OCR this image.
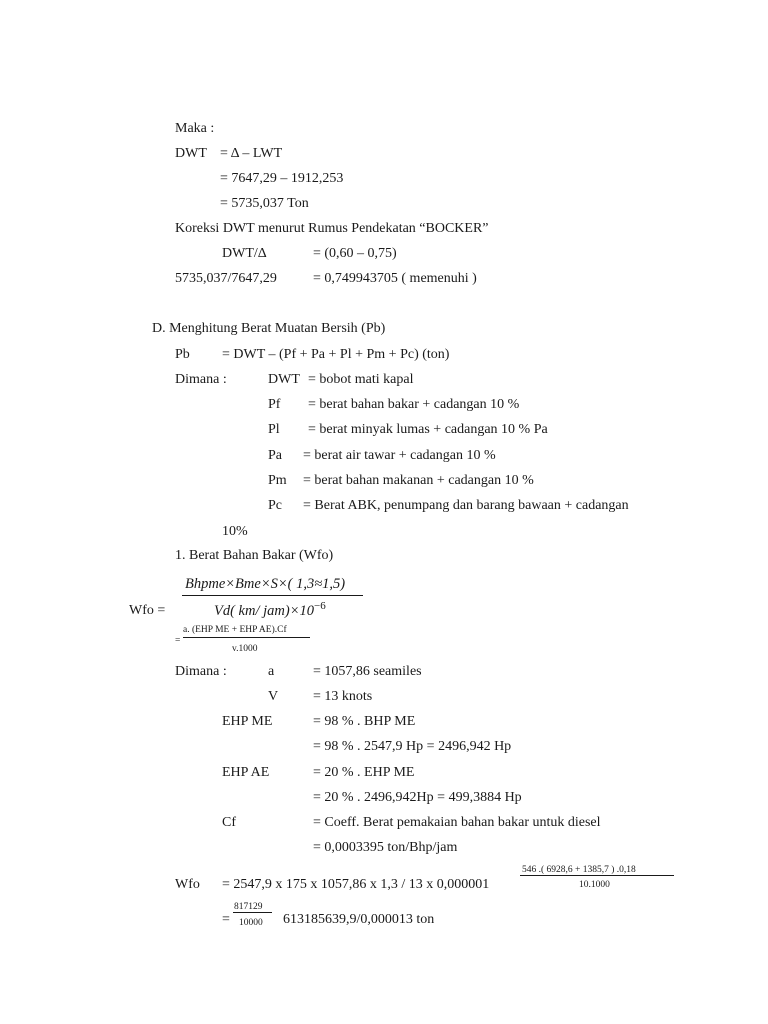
Maka :
DWT = Δ – LWT
= 7647,29 – 1912,253
= 5735,037 Ton
Koreksi DWT menurut Rumus Pendekatan “BOCKER”
DWT/Δ	= (0,60 – 0,75)
5735,037/7647,29	= 0,749943705 ( memenuhi )
D. Menghitung Berat Muatan Bersih (Pb)
Pb = DWT – (Pf + Pa + Pl + Pm + Pc) (ton)
Dimana :	DWT = bobot mati kapal
Pf = berat bahan bakar + cadangan 10 %
Pl = berat minyak lumas + cadangan 10 % Pa
Pa = berat air tawar + cadangan 10 %
Pm = berat bahan makanan + cadangan 10 %
Pc = Berat ABK, penumpang dan barang bawaan + cadangan
10%
1. Berat Bahan Bakar (Wfo)
Bhpme×Bme×S×( 1,3≈1,5)
Wfo =	Vd( km/ $jam)\times 10^{-6}$
=
a. (EHP ME + EHP AE).Cf
v.1000
Dimana :	a	= 1057,86 seamiles
V = 13 knots
EHP ME	= 98 % . BHP ME
= 98 % . 2547,9 Hp = 2496,942 Hp
EHP AE	= 20 % . EHP ME
= 20 % . 2496,942Hp = 499,3884 Hp
Cf	= Coeff. Berat pemakaian bahan bakar untuk diesel
= 0,0003395 ton/Bhp/jam
546 .( 6928,6 + 1385,7 ) .0,18
10.1000
Wfo = 2547,9 x 175 x 1057,86 x 1,3 / 13 x 0,000001
817129
= 10000 613185639,9/0,000013 ton
